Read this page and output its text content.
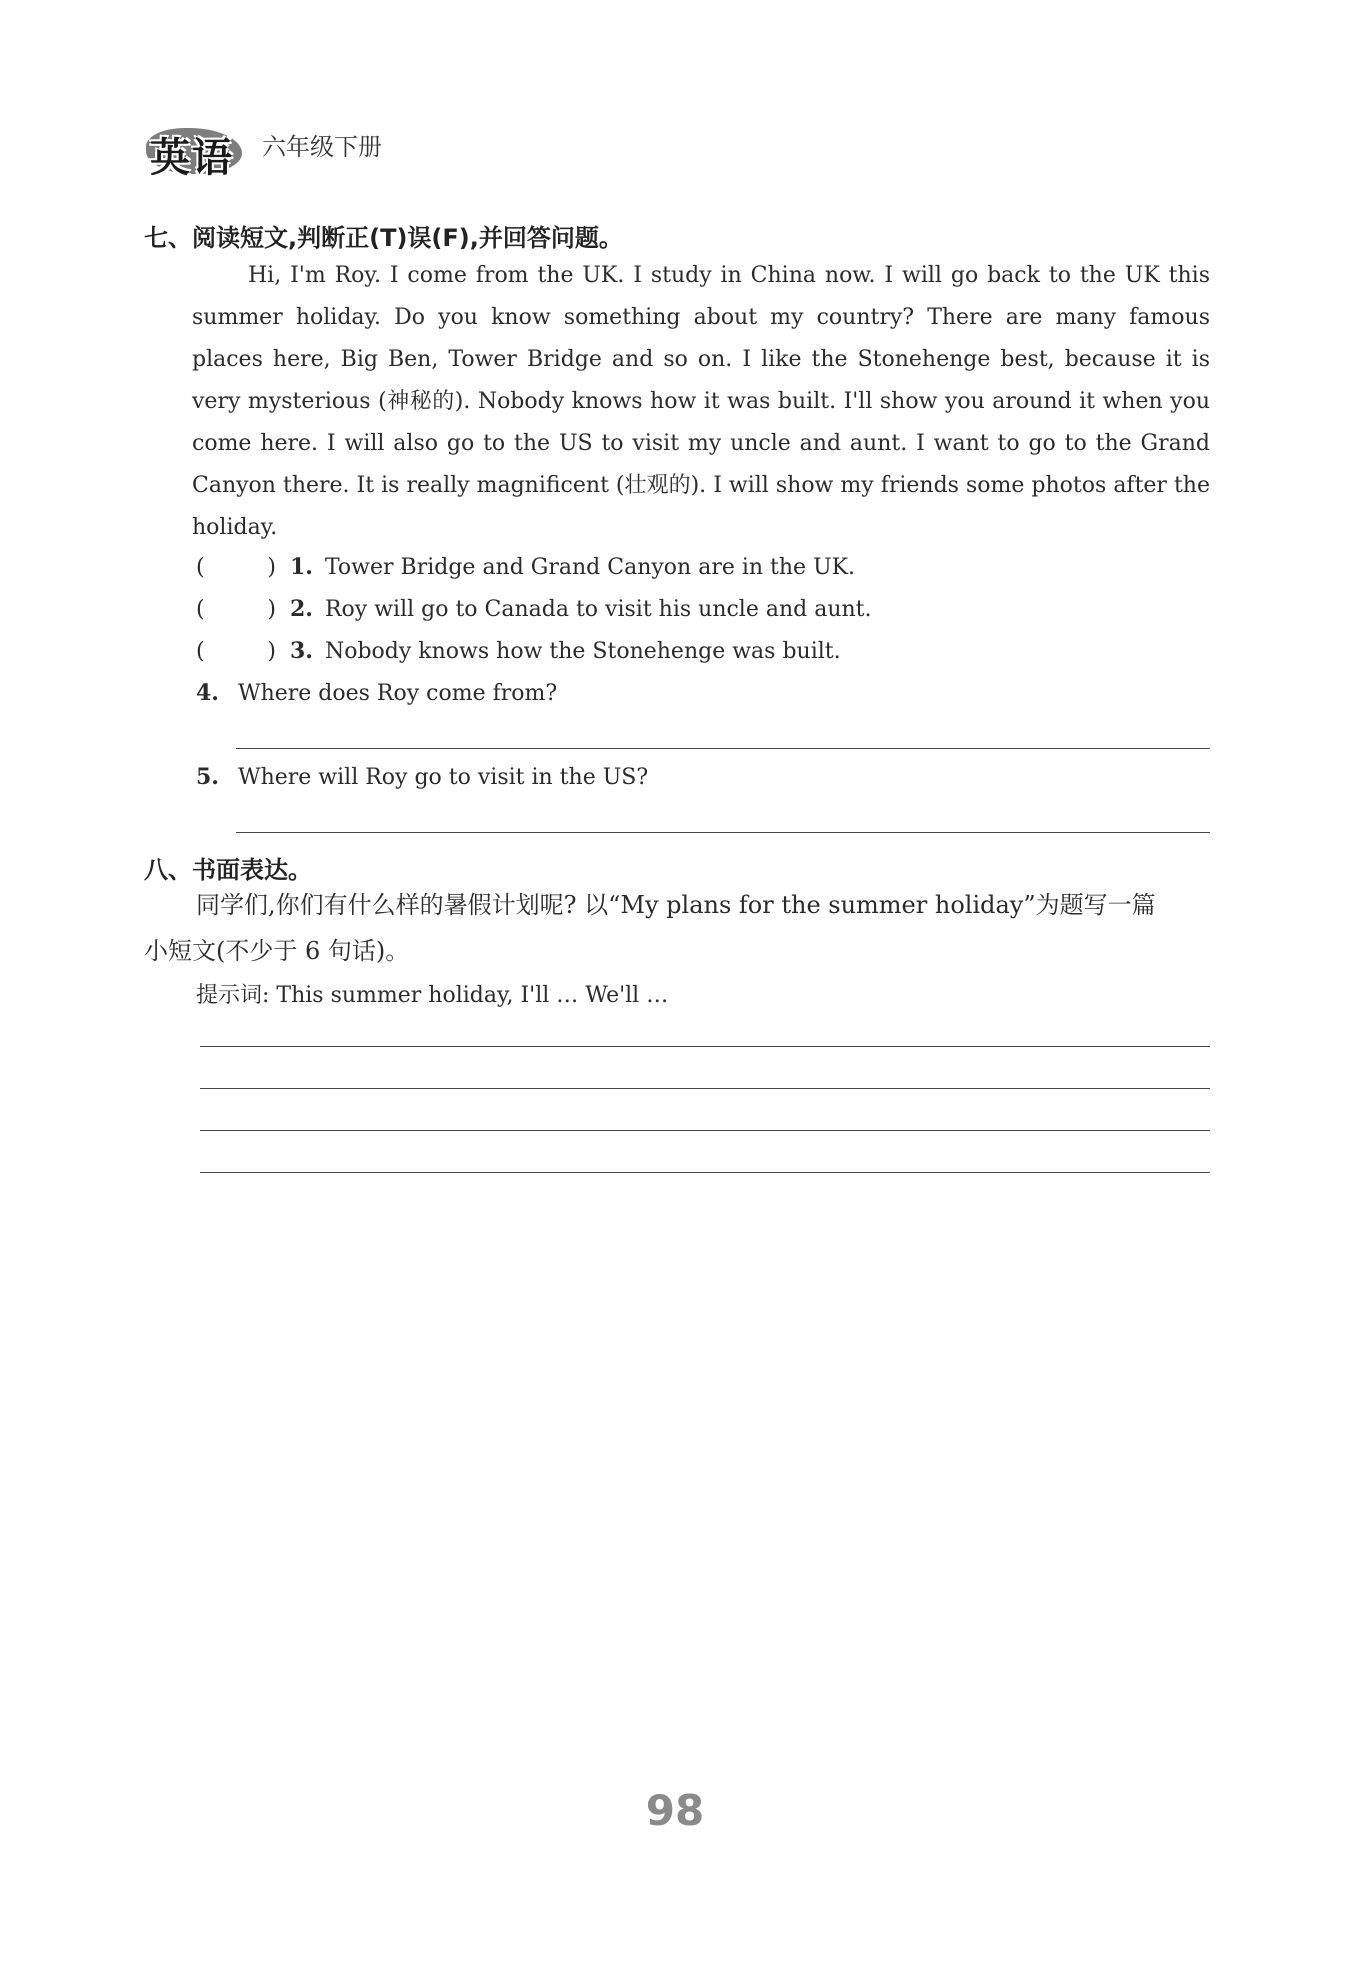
英语 六年级下册
七、阅读短文,判断正(T)误(F),并回答问题。

Hi, I'm Roy. I come from the UK. I study in China now. I will go back to the UK this summer holiday. Do you know something about my country? There are many famous places here, Big Ben, Tower Bridge and so on. I like the Stonehenge best, because it is very mysterious (神秘的). Nobody knows how it was built. I'll show you around it when you come here. I will also go to the US to visit my uncle and aunt. I want to go to the Grand Canyon there. It is really magnificent (壮观的). I will show my friends some photos after the holiday.

(	) 1. Tower Bridge and Grand Canyon are in the UK.
(	) 2. Roy will go to Canada to visit his uncle and aunt.
(	) 3. Nobody knows how the Stonehenge was built.
4. Where does Roy come from?
5. Where will Roy go to visit in the US?
八、书面表达。
同学们,你们有什么样的暑假计划呢? 以“My plans for the summer holiday”为题写一篇
小短文(不少于 6 句话)。
提示词: This summer holiday, I'll … We'll …
98
